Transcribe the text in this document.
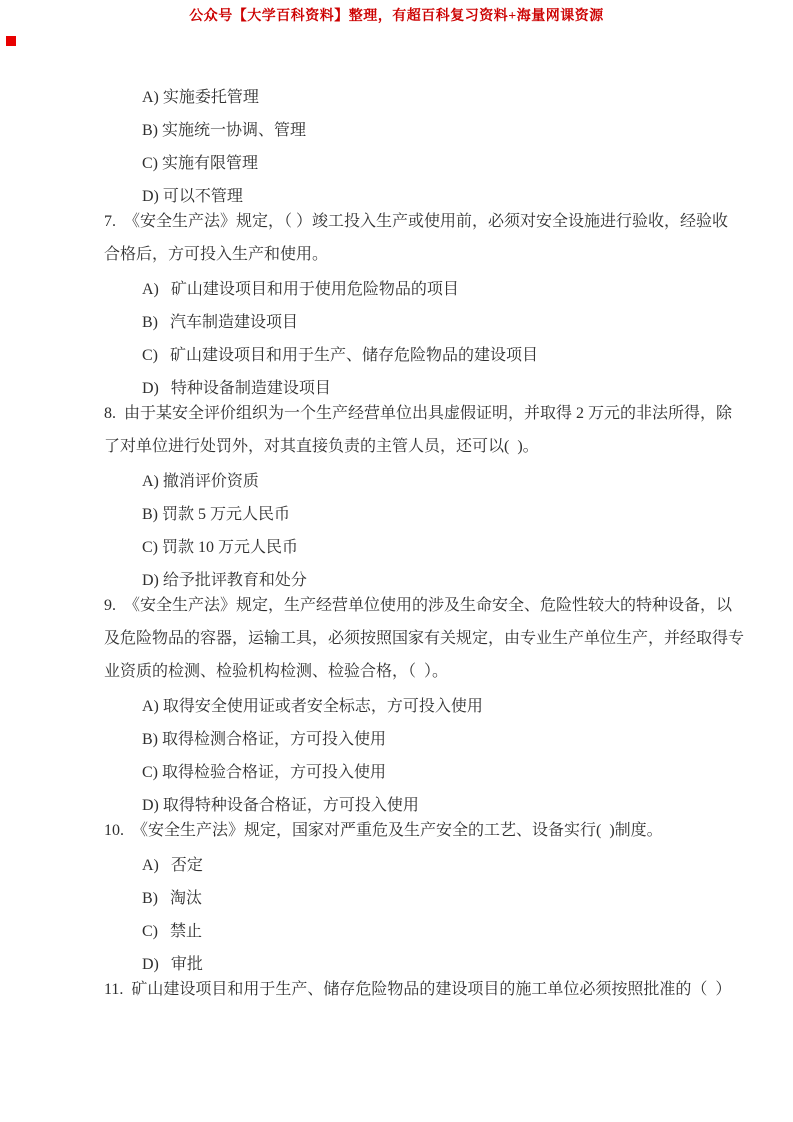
公众号【大学百科资料】整理，有超百科复习资料+海量网课资源
A) 实施委托管理
B) 实施统一协调、管理
C) 实施有限管理
D) 可以不管理
7.  《安全生产法》规定，（ ）竣工投入生产或使用前，必须对安全设施进行验收，经验收
合格后，方可投入生产和使用。
A)   矿山建设项目和用于使用危险物品的项目
B)   汽车制造建设项目
C)   矿山建设项目和用于生产、储存危险物品的建设项目
D)   特种设备制造建设项目
8.  由于某安全评价组织为一个生产经营单位出具虚假证明，并取得 2 万元的非法所得，除
了对单位进行处罚外，对其直接负责的主管人员，还可以(  )。
A) 撤消评价资质
B) 罚款 5 万元人民币
C) 罚款 10 万元人民币
D) 给予批评教育和处分
9.  《安全生产法》规定，生产经营单位使用的涉及生命安全、危险性较大的特种设备，以
及危险物品的容器，运输工具，必须按照国家有关规定，由专业生产单位生产，并经取得专
业资质的检测、检验机构检测、检验合格，（  ）。
A) 取得安全使用证或者安全标志，方可投入使用
B) 取得检测合格证，方可投入使用
C) 取得检验合格证，方可投入使用
D) 取得特种设备合格证，方可投入使用
10.  《安全生产法》规定，国家对严重危及生产安全的工艺、设备实行(  )制度。
A)   否定
B)   淘汰
C)   禁止
D)   审批
11.  矿山建设项目和用于生产、储存危险物品的建设项目的施工单位必须按照批准的（  ）
